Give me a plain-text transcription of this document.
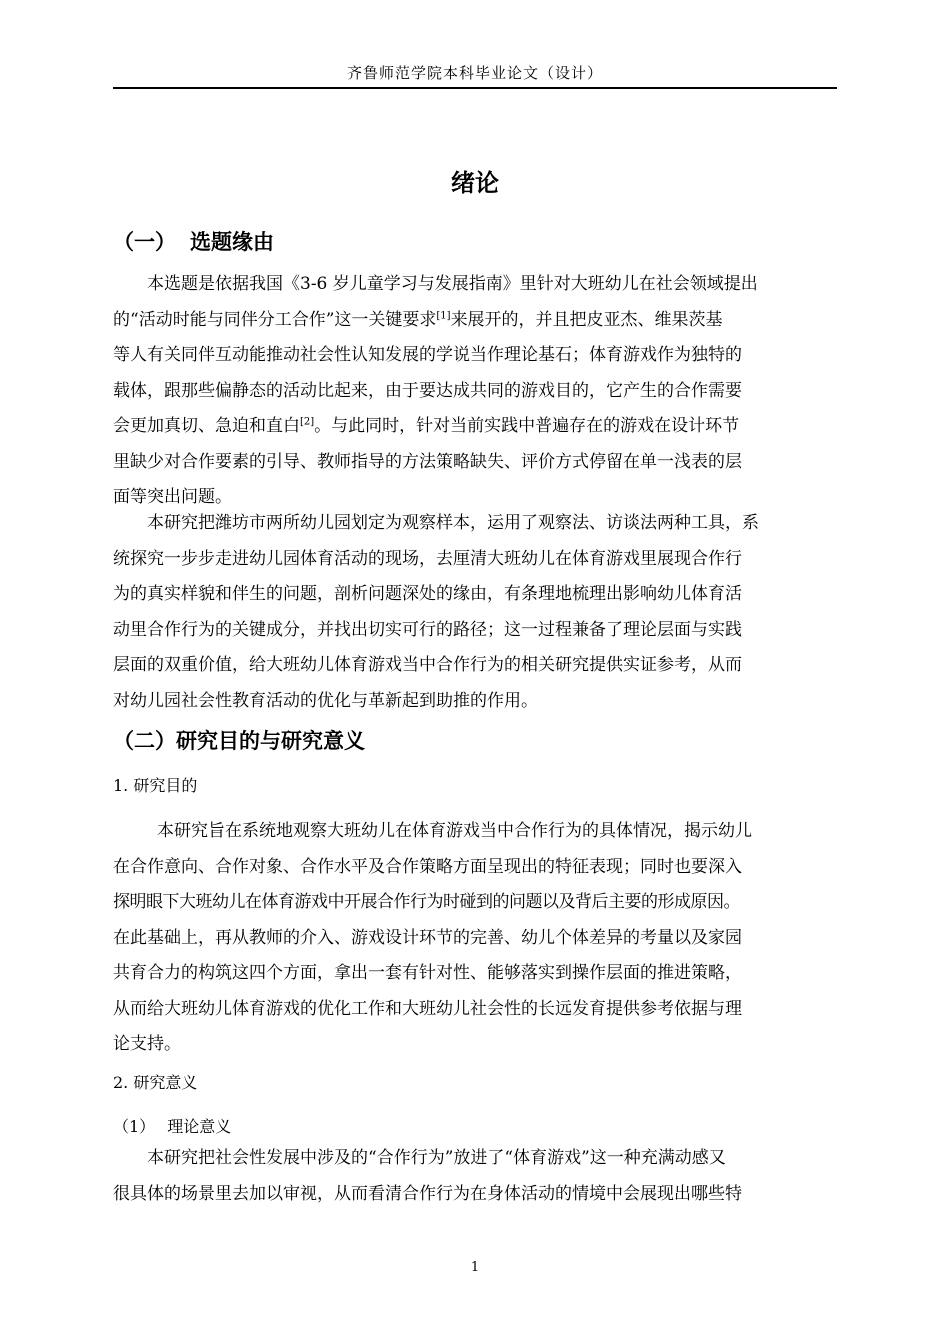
齐鲁师范学院本科毕业论文（设计）
绪论
（一） 选题缘由
本选题是依据我国《3-6 岁儿童学习与发展指南》里针对大班幼儿在社会领域提出
的“活动时能与同伴分工合作”这一关键要求[1]来展开的，并且把皮亚杰、维果茨基
等人有关同伴互动能推动社会性认知发展的学说当作理论基石；体育游戏作为独特的
载体，跟那些偏静态的活动比起来，由于要达成共同的游戏目的，它产生的合作需要
会更加真切、急迫和直白[2]。与此同时，针对当前实践中普遍存在的游戏在设计环节
里缺少对合作要素的引导、教师指导的方法策略缺失、评价方式停留在单一浅表的层
面等突出问题。
本研究把潍坊市两所幼儿园划定为观察样本，运用了观察法、访谈法两种工具，系
统探究一步步走进幼儿园体育活动的现场，去厘清大班幼儿在体育游戏里展现合作行
为的真实样貌和伴生的问题，剖析问题深处的缘由，有条理地梳理出影响幼儿体育活
动里合作行为的关键成分，并找出切实可行的路径；这一过程兼备了理论层面与实践
层面的双重价值，给大班幼儿体育游戏当中合作行为的相关研究提供实证参考，从而
对幼儿园社会性教育活动的优化与革新起到助推的作用。
（二）研究目的与研究意义
1. 研究目的
本研究旨在系统地观察大班幼儿在体育游戏当中合作行为的具体情况，揭示幼儿
在合作意向、合作对象、合作水平及合作策略方面呈现出的特征表现；同时也要深入
探明眼下大班幼儿在体育游戏中开展合作行为时碰到的问题以及背后主要的形成原因。
在此基础上，再从教师的介入、游戏设计环节的完善、幼儿个体差异的考量以及家园
共育合力的构筑这四个方面，拿出一套有针对性、能够落实到操作层面的推进策略，
从而给大班幼儿体育游戏的优化工作和大班幼儿社会性的长远发育提供参考依据与理
论支持。
2. 研究意义
（1） 理论意义
本研究把社会性发展中涉及的“合作行为”放进了“体育游戏”这一种充满动感又
很具体的场景里去加以审视，从而看清合作行为在身体活动的情境中会展现出哪些特
1
